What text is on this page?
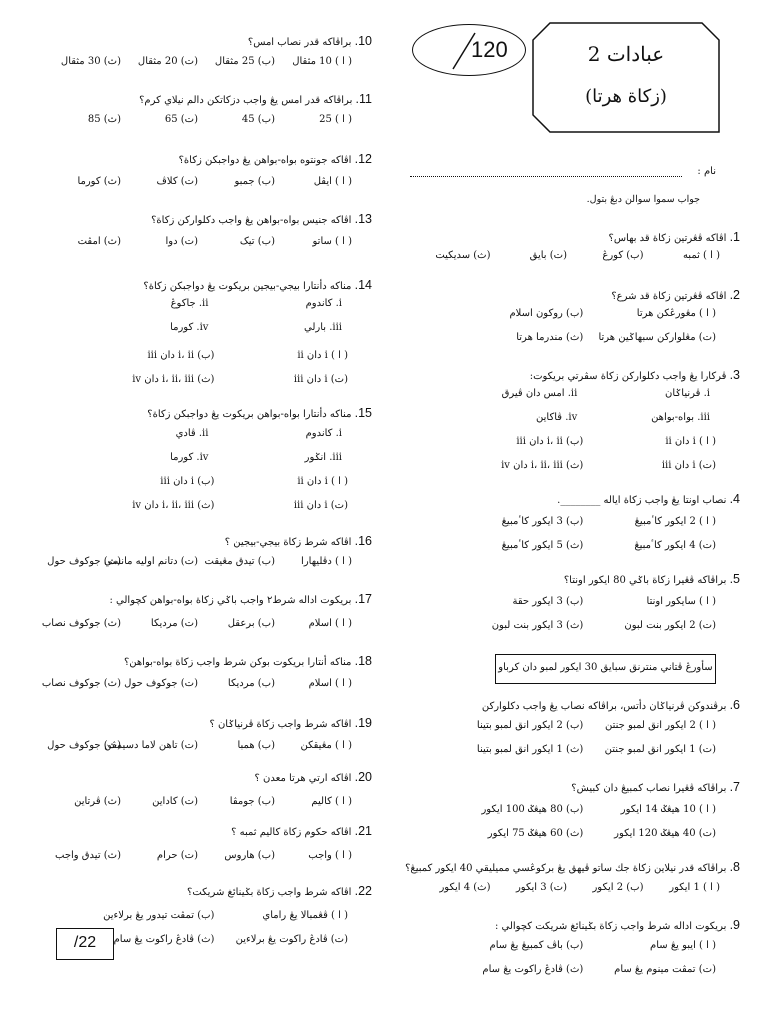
عبادات 2
(زكاة هرتا)
120
نام :
جواب سموا سوالن دبڠ بتول.
1. اڤاكه ڤڠرتين زكاة قد بهاس؟
( ا ) ثمبه
(ب) كورڠ
(ت) بايق
(ث) سديكيت
2. اڤاكه ڤڠرتين زكاة قد شرع؟
( ا ) مڠورڠكن هرتا
(ب) روكون اسلام
(ت) مڠلواركن سبهاݢين هرتا
(ث) مندرما هرتا
3. ڤركارا يڠ واجب دكلواركن زكاة سڤرتي بريکوت:
i. ڤرنياݢان
ii. امس دان ڤيرق
iii. بواه-بواهن
iv. ڤاكاين
( ا ) i دان ii
(ب) i، ii دان iii
(ت) i دان iii
(ث) i، ii، iii دان iv
4. نصاب اونتا يڠ واجب زكاة اياله ________.
( ا ) 2 ايكور كاٴمبيڠ
(ب) 3 ايكور كاٴمبيڠ
(ت) 4 ايكور كاٴمبيڠ
(ث) 5 ايكور كاٴمبيڠ
5. براڤاكه ڤڠيرا زكاة باݢي 80 ايكور اونتا؟
( ا ) سايكور اونتا
(ب) 3 ايكور حقة
(ت) 2 ايكور بنت لبون
(ث) 3 ايكور بنت لبون
6. برڤندوكن ڤرنياݢان دأتس، براڤاكه نصاب يڠ واجب دكلواركن
( ا ) 2 ايكور انق لمبو جنتن
(ب) 2 ايكور انق لمبو بتينا
(ت) 1 ايكور انق لمبو جنتن
(ث) 1 ايكور انق لمبو بتينا
7. براڤاكه ڤڠيرا نصاب كمبيڠ دان كبيش؟
( ا ) 10 هيڠݢ 14 ايكور
(ب) 80 هيڠݢ 100 ايكور
(ت) 40 هيڠݢ 120 ايكور
(ث) 60 هيڠݢ 75 ايكور
8. براڤاكه قدر نيلاين زكاة جك ساتو ڤيهق يڠ برکوڠسي مميليقي 40 ايكور كمبيڠ؟
( ا ) 1 ايكور
(ب) 2 ايكور
(ت) 3 ايكور
(ث) 4 ايكور
9. بريکوت اداله شرط واجب زكاة بݢينائغ شريکت كچوالي :
( ا ) ايبو يڠ سام
(ب) باڤ كمبيڠ يڠ سام
(ت) تمڤت مينوم يڠ سام
(ث) ڤادڠ راكوت يڠ سام
سأورڠ ڤتاني منترنق سبايق 30 ايكور لمبو دان كرباو
10. براڤاكه قدر نصاب امس؟
( ا ) 10 مثقال
(ب) 25 مثقال
(ت) 20 مثقال
(ث) 30 مثقال
11. براڤاكه قدر امس يڠ واجب دزكاتكن دالم نيلاي كرم؟
( ا ) 25
(ب) 45
(ت) 65
(ث) 85
12. اڤاكه جونتوه بواه-بواهن يڠ دواجبكن زكاة؟
( ا ) ايڤل
(ب) جمبو
(ت) كلاڤ
(ث) كورما
13. اڤاكه جنيس بواه-بواهن يڠ واجب دكلواركن زكاة؟
( ا ) ساتو
(ب) تيک
(ت) دوا
(ث) امڤت
14. مناكه دأنتارا بيجي-بيجين بريکوت يڠ دواجبكن زكاة؟
i. كاندوم
ii. جاكوڠ
iii. بارلي
iv. كورما
( ا ) i دان ii
(ب) i، ii دان iii
(ت) i دان iii
(ث) i، ii، iii دان iv
15. مناكه دأنتارا بواه-بواهن بريکوت يڠ دواجبكن زكاة؟
i. كاندوم
ii. ڤادي
iii. انݢور
iv. كورما
( ا ) i دان ii
(ب) i دان iii
(ت) i دان iii
(ث) i، ii، iii دان iv
16. اڤاكه شرط زكاة بيجي-بيجين ؟
( ا ) دڤليهارا
(ب) تيدق مڠيقت
(ت) دتانم اوليه مانسي
(ث) جوكوف حول
17. بريکوت اداله شرط٢ واجب باݢي زكاة بواه-بواهن كچوالي :
( ا ) اسلام
(ب) برعقل
(ت) مرديكا
(ث) جوكوف نصاب
18. مناكه أنتارا بريکوت بوكن شرط واجب زكاة بواه-بواهن؟
( ا ) اسلام
(ب) مرديكا
(ت) جوكوف حول
(ث) جوكوف نصاب
19. اڤاكه شرط واجب زكاة ڤرنياݢان ؟
( ا ) مڠيقكن
(ب) همبا
(ت) تاهن لاما دسيمڤن
(ث) جوكوف حول
20. اڤاكه ارتي هرتا معدن ؟
( ا ) كاليم
(ب) جومڤا
(ت) كاداين
(ث) ڤرتاين
21. اڤاكه حكوم زكاة كاليم ثمبه ؟
( ا ) واجب
(ب) هاروس
(ت) حرام
(ث) تيدق واجب
22. اڤاكه شرط واجب زكاة بݢينائغ شريکت؟
( ا ) ڤڠمبالا يڠ راماي
(ب) تمڤت تيدور يڠ برلاءين
(ت) ڤادڠ راكوت يڠ برلاءين
(ث) ڤادڠ راكوت يڠ سام
/22
